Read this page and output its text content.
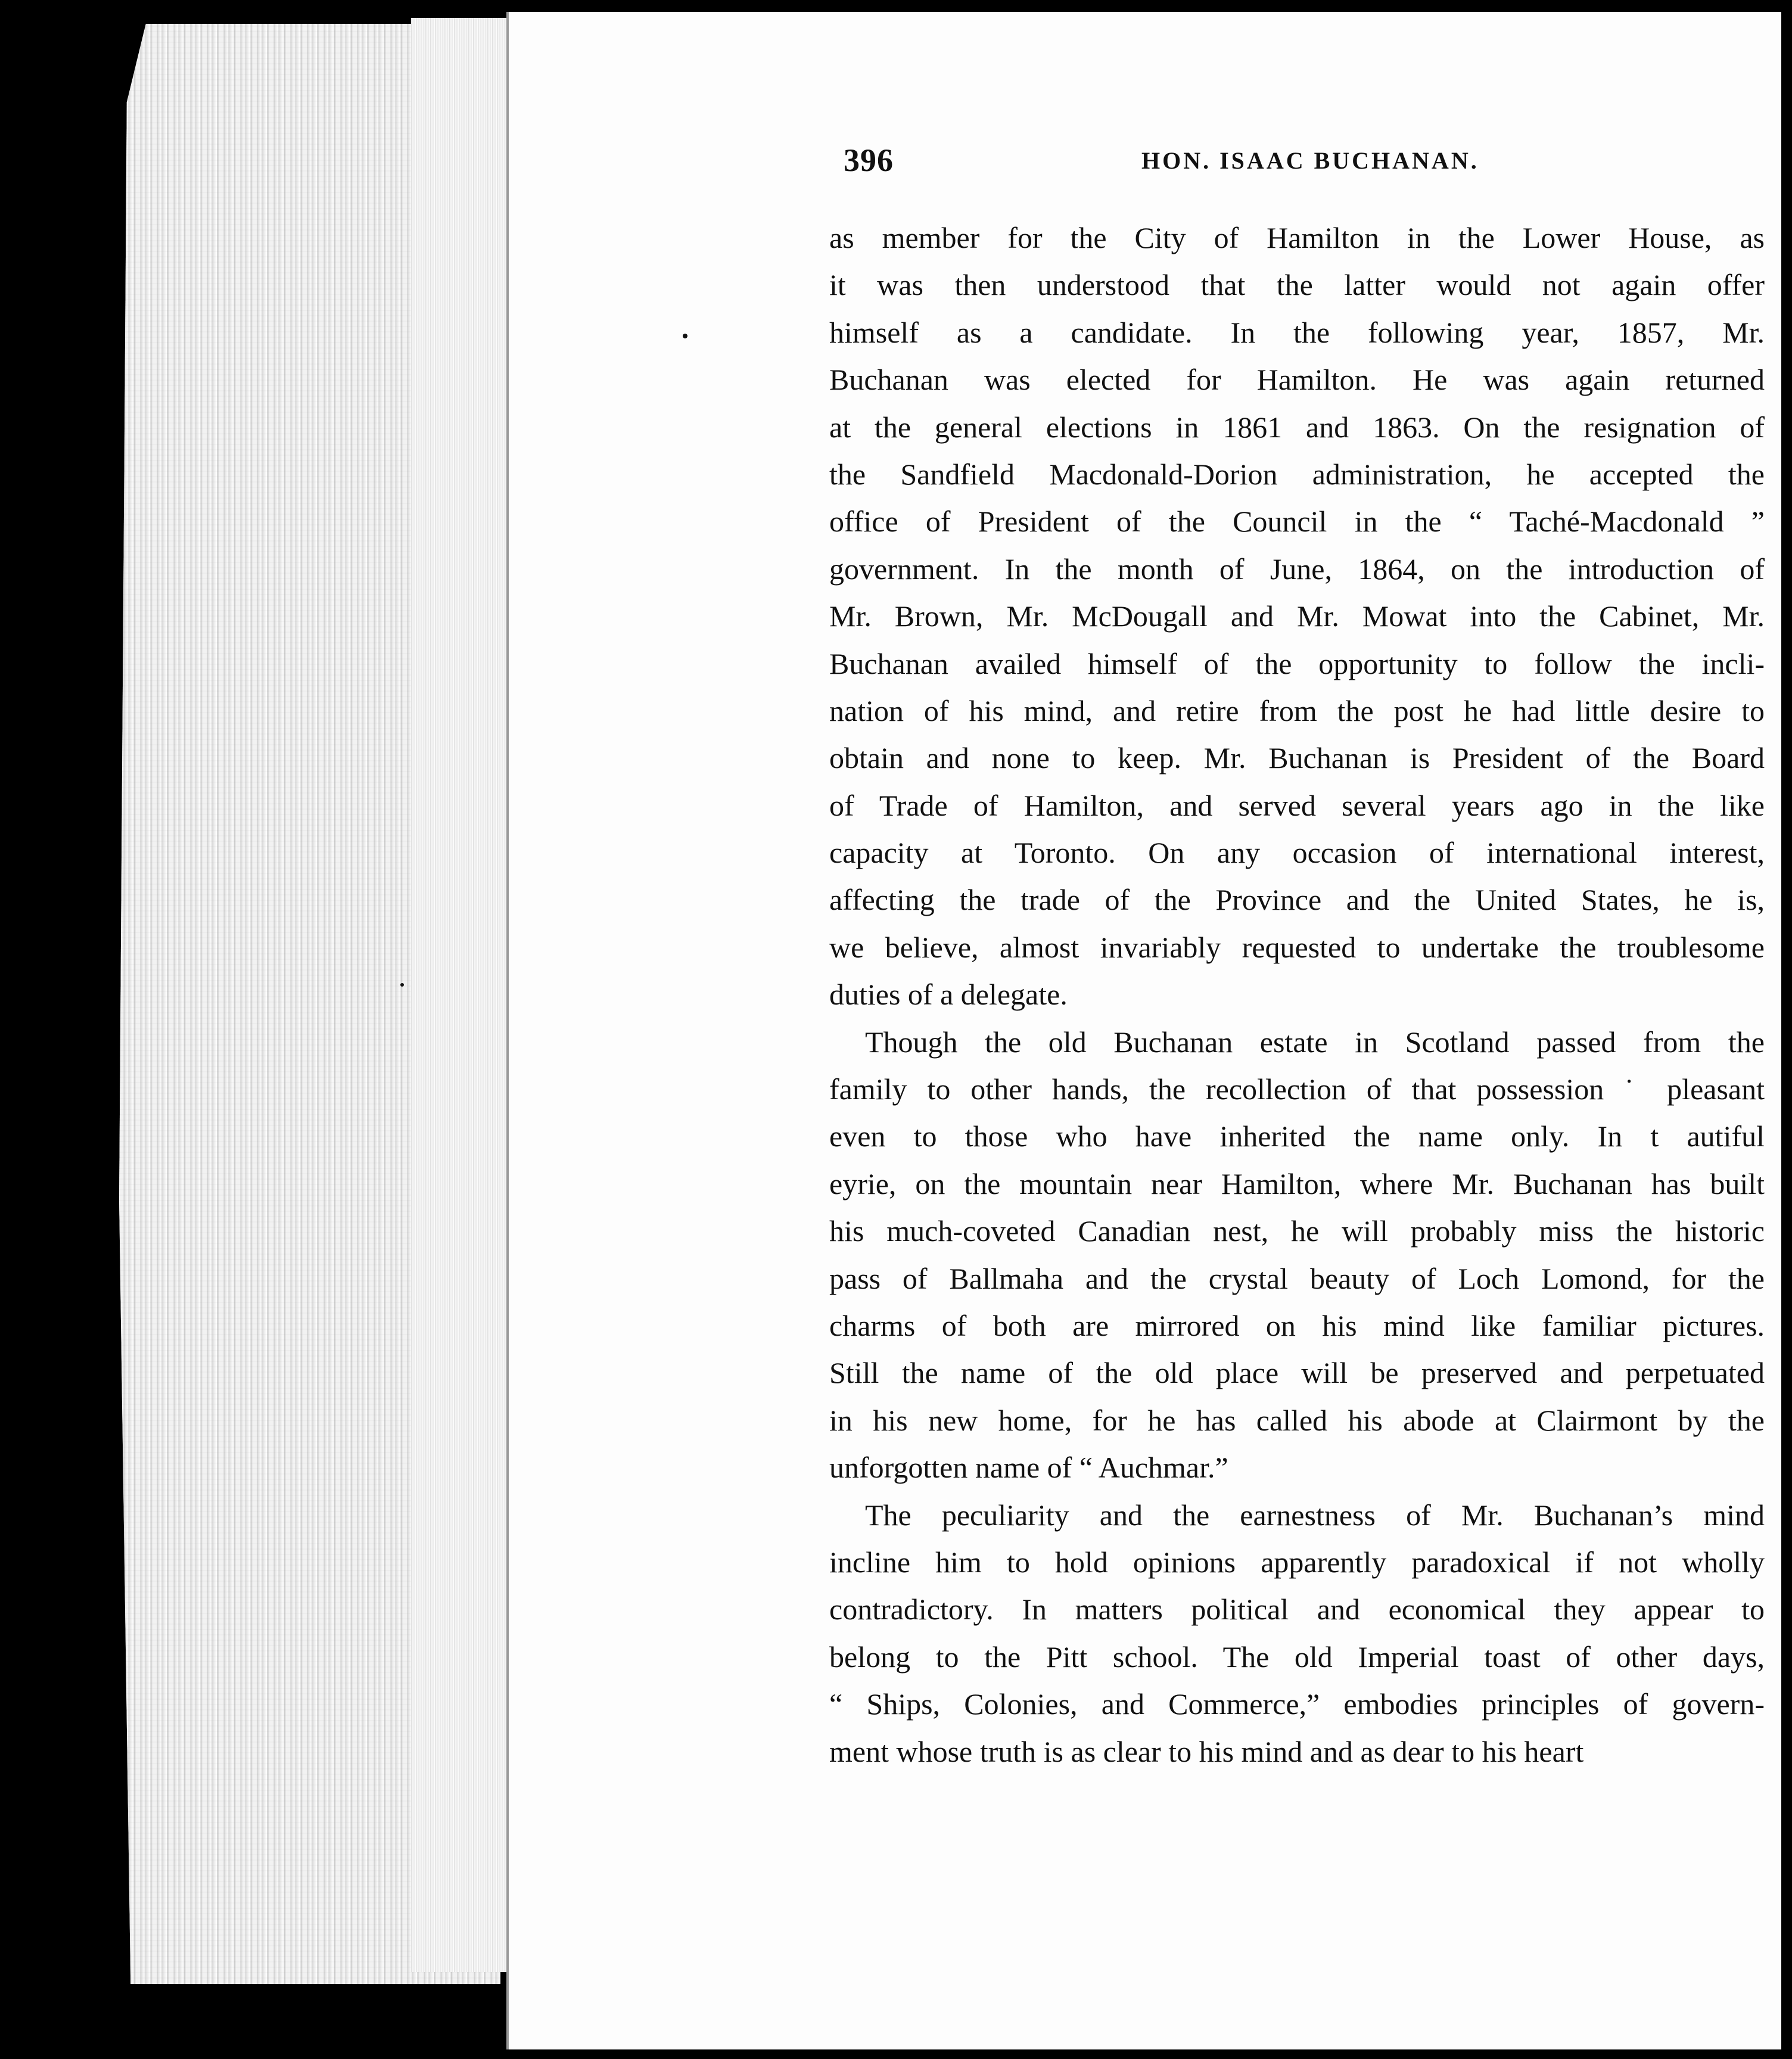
396	HON. ISAAC BUCHANAN.
as member for the City of Hamilton in the Lower House, as
it was then understood that the latter would not again offer
himself as a candidate. In the following year, 1857, Mr.
Buchanan was elected for Hamilton. He was again returned
at the general elections in 1861 and 1863. On the resignation of
the Sandfield Macdonald-Dorion administration, he accepted the
office of President of the Council in the “ Taché-Macdonald ”
government. In the month of June, 1864, on the introduction of
Mr. Brown, Mr. McDougall and Mr. Mowat into the Cabinet, Mr.
Buchanan availed himself of the opportunity to follow the incli-
nation of his mind, and retire from the post he had little desire to
obtain and none to keep. Mr. Buchanan is President of the Board
of Trade of Hamilton, and served several years ago in the like
capacity at Toronto. On any occasion of international interest,
affecting the trade of the Province and the United States, he is,
we believe, almost invariably requested to undertake the troublesome
duties of a delegate.
Though the old Buchanan estate in Scotland passed from the
family to other hands, the recollection of that possession ˙ pleasant
even to those who have inherited the name only. In t autiful
eyrie, on the mountain near Hamilton, where Mr. Buchanan has built
his much-coveted Canadian nest, he will probably miss the historic
pass of Ballmaha and the crystal beauty of Loch Lomond, for the
charms of both are mirrored on his mind like familiar pictures.
Still the name of the old place will be preserved and perpetuated
in his new home, for he has called his abode at Clairmont by the
unforgotten name of “ Auchmar.”
The peculiarity and the earnestness of Mr. Buchanan’s mind
incline him to hold opinions apparently paradoxical if not wholly
contradictory. In matters political and economical they appear to
belong to the Pitt school. The old Imperial toast of other days,
“ Ships, Colonies, and Commerce,” embodies principles of govern-
ment whose truth is as clear to his mind and as dear to his heart
